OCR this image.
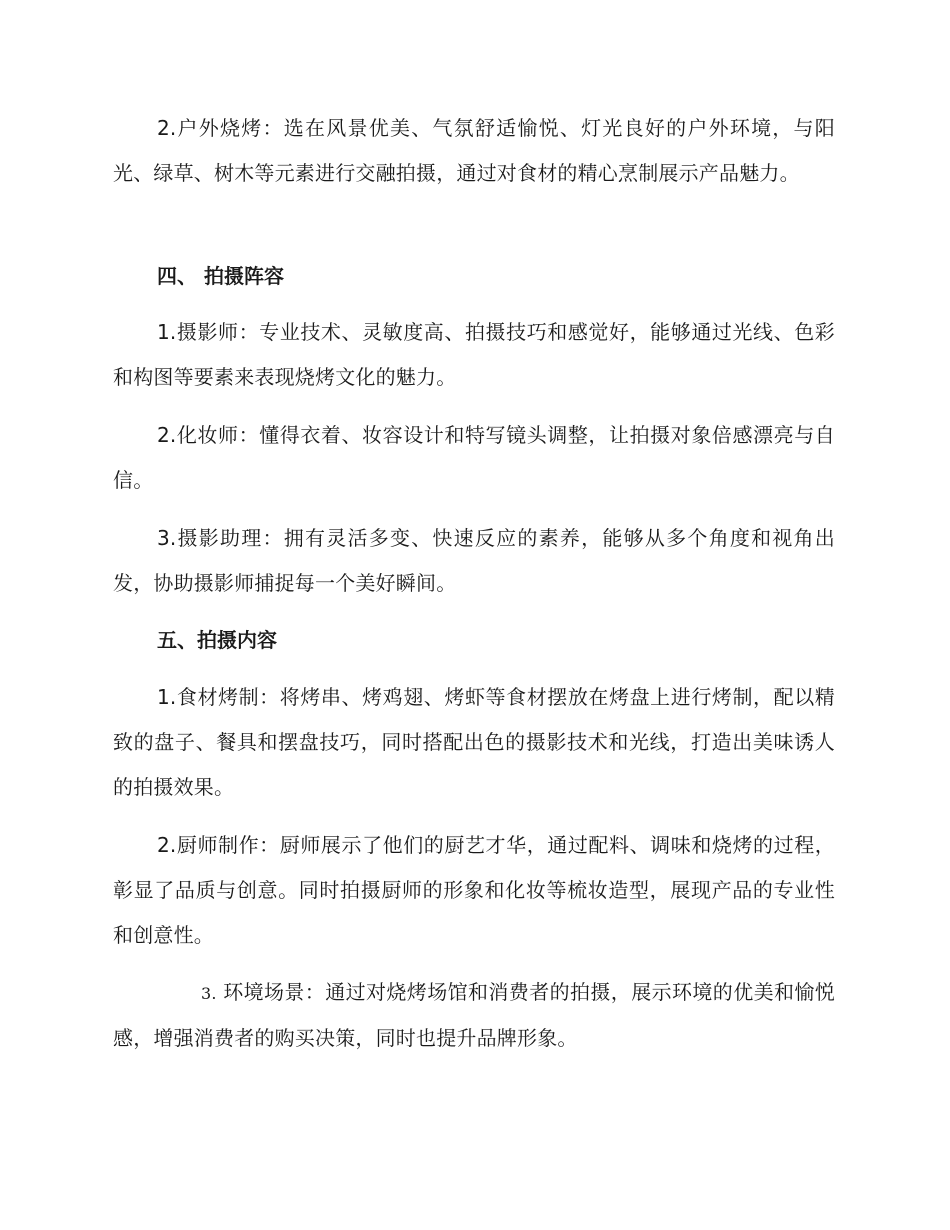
2.户外烧烤：选在风景优美、气氛舒适愉悦、灯光良好的户外环境，与阳光、绿草、树木等元素进行交融拍摄，通过对食材的精心烹制展示产品魅力。

四、 拍摄阵容

1.摄影师：专业技术、灵敏度高、拍摄技巧和感觉好，能够通过光线、色彩和构图等要素来表现烧烤文化的魅力。

2.化妆师：懂得衣着、妆容设计和特写镜头调整，让拍摄对象倍感漂亮与自信。

3.摄影助理：拥有灵活多变、快速反应的素养，能够从多个角度和视角出发，协助摄影师捕捉每一个美好瞬间。

五、拍摄内容

1.食材烤制：将烤串、烤鸡翅、烤虾等食材摆放在烤盘上进行烤制，配以精致的盘子、餐具和摆盘技巧，同时搭配出色的摄影技术和光线，打造出美味诱人的拍摄效果。

2.厨师制作：厨师展示了他们的厨艺才华，通过配料、调味和烧烤的过程，彰显了品质与创意。同时拍摄厨师的形象和化妆等梳妆造型，展现产品的专业性和创意性。

3. 环境场景：通过对烧烤场馆和消费者的拍摄，展示环境的优美和愉悦感，增强消费者的购买决策，同时也提升品牌形象。
